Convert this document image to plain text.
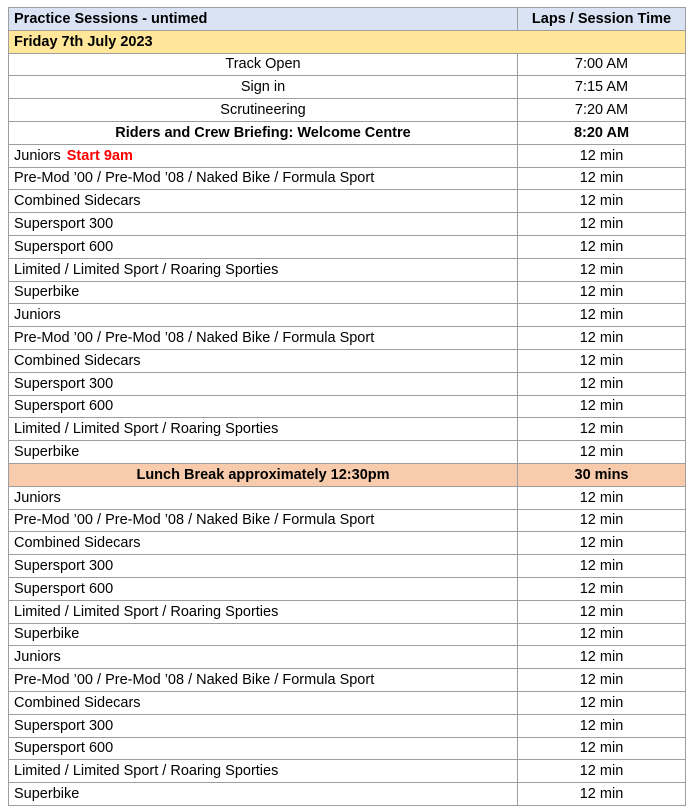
Practice Sessions - untimed	Laps / Session Time
Friday 7th July 2023	
Track Open	7:00 AM
Sign in	7:15 AM
Scrutineering	7:20 AM
Riders and Crew Briefing: Welcome Centre	8:20 AM
Juniors Start 9am	12 min
Pre-Mod ’00 / Pre-Mod ’08 / Naked Bike / Formula Sport	12 min
Combined Sidecars	12 min
Supersport 300	12 min
Supersport 600	12 min
Limited / Limited Sport / Roaring Sporties	12 min
Superbike	12 min
Juniors	12 min
Pre-Mod ’00 / Pre-Mod ’08 / Naked Bike / Formula Sport	12 min
Combined Sidecars	12 min
Supersport 300	12 min
Supersport 600	12 min
Limited / Limited Sport / Roaring Sporties	12 min
Superbike	12 min
Lunch Break approximately 12:30pm	30 mins
Juniors	12 min
Pre-Mod ’00 / Pre-Mod ’08 / Naked Bike / Formula Sport	12 min
Combined Sidecars	12 min
Supersport 300	12 min
Supersport 600	12 min
Limited / Limited Sport / Roaring Sporties	12 min
Superbike	12 min
Juniors	12 min
Pre-Mod ’00 / Pre-Mod ’08 / Naked Bike / Formula Sport	12 min
Combined Sidecars	12 min
Supersport 300	12 min
Supersport 600	12 min
Limited / Limited Sport / Roaring Sporties	12 min
Superbike	12 min
